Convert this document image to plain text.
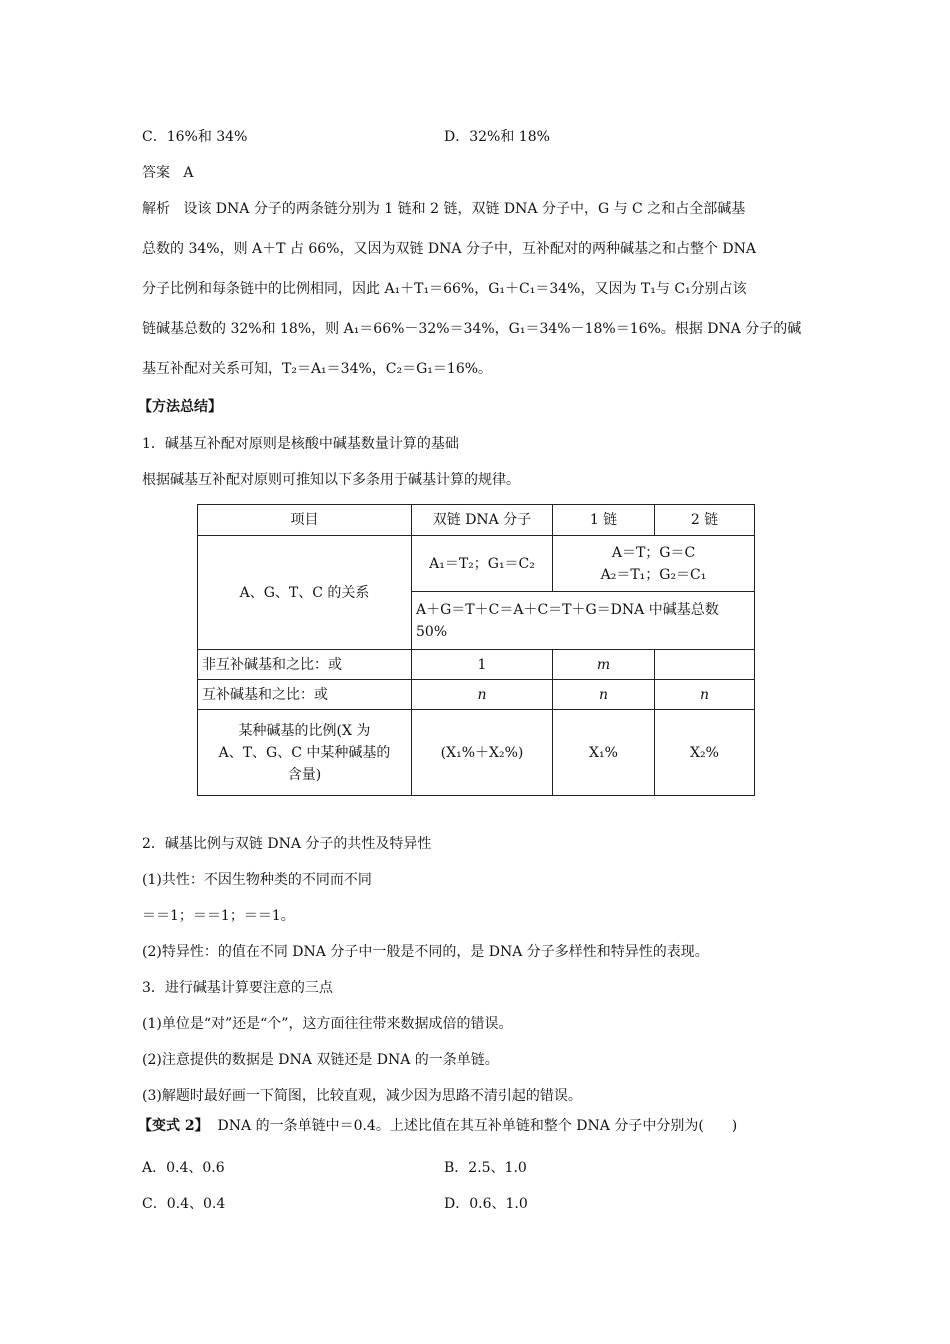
C．16%和 34%	D．32%和 18%
答案 A
解析 设该 DNA 分子的两条链分别为 1 链和 2 链，双链 DNA 分子中，G 与 C 之和占全部碱基
总数的 34%，则 A＋T 占 66%，又因为双链 DNA 分子中，互补配对的两种碱基之和占整个 DNA
分子比例和每条链中的比例相同，因此 A₁＋T₁＝66%，G₁＋C₁＝34%，又因为 T₁与 C₁分别占该
链碱基总数的 32%和 18%，则 A₁＝66%－32%＝34%，G₁＝34%－18%＝16%。根据 DNA 分子的碱
基互补配对关系可知，T₂＝A₁＝34%，C₂＝G₁＝16%。
【方法总结】
1．碱基互补配对原则是核酸中碱基数量计算的基础
根据碱基互补配对原则可推知以下多条用于碱基计算的规律。
项目	双链 DNA 分子	1 链	2 链
A、G、T、C 的关系	A₁＝T₂；G₁＝C₂	A＝T；G＝C
A₂＝T₁；G₂＝C₁	

	A＋G＝T＋C＝A＋C＝T＋G＝DNA 中碱基总数
50%		

非互补碱基和之比：或	1	m	
互补碱基和之比：或	n	n	n

某种碱基的比例(X 为
A、T、G、C 中某种碱基的
含量)	(X₁%＋X₂%)	X₁%	X₂%
2．碱基比例与双链 DNA 分子的共性及特异性
(1)共性：不因生物种类的不同而不同
＝＝1；＝＝1；＝＝1。
(2)特异性：的值在不同 DNA 分子中一般是不同的，是 DNA 分子多样性和特异性的表现。
3．进行碱基计算要注意的三点
(1)单位是“对”还是“个”，这方面往往带来数据成倍的错误。
(2)注意提供的数据是 DNA 双链还是 DNA 的一条单链。
(3)解题时最好画一下简图，比较直观，减少因为思路不清引起的错误。
【变式 2】 DNA 的一条单链中＝0.4。上述比值在其互补单链和整个 DNA 分子中分别为(　　)
A．0.4、0.6	B．2.5、1.0
C．0.4、0.4	D．0.6、1.0
